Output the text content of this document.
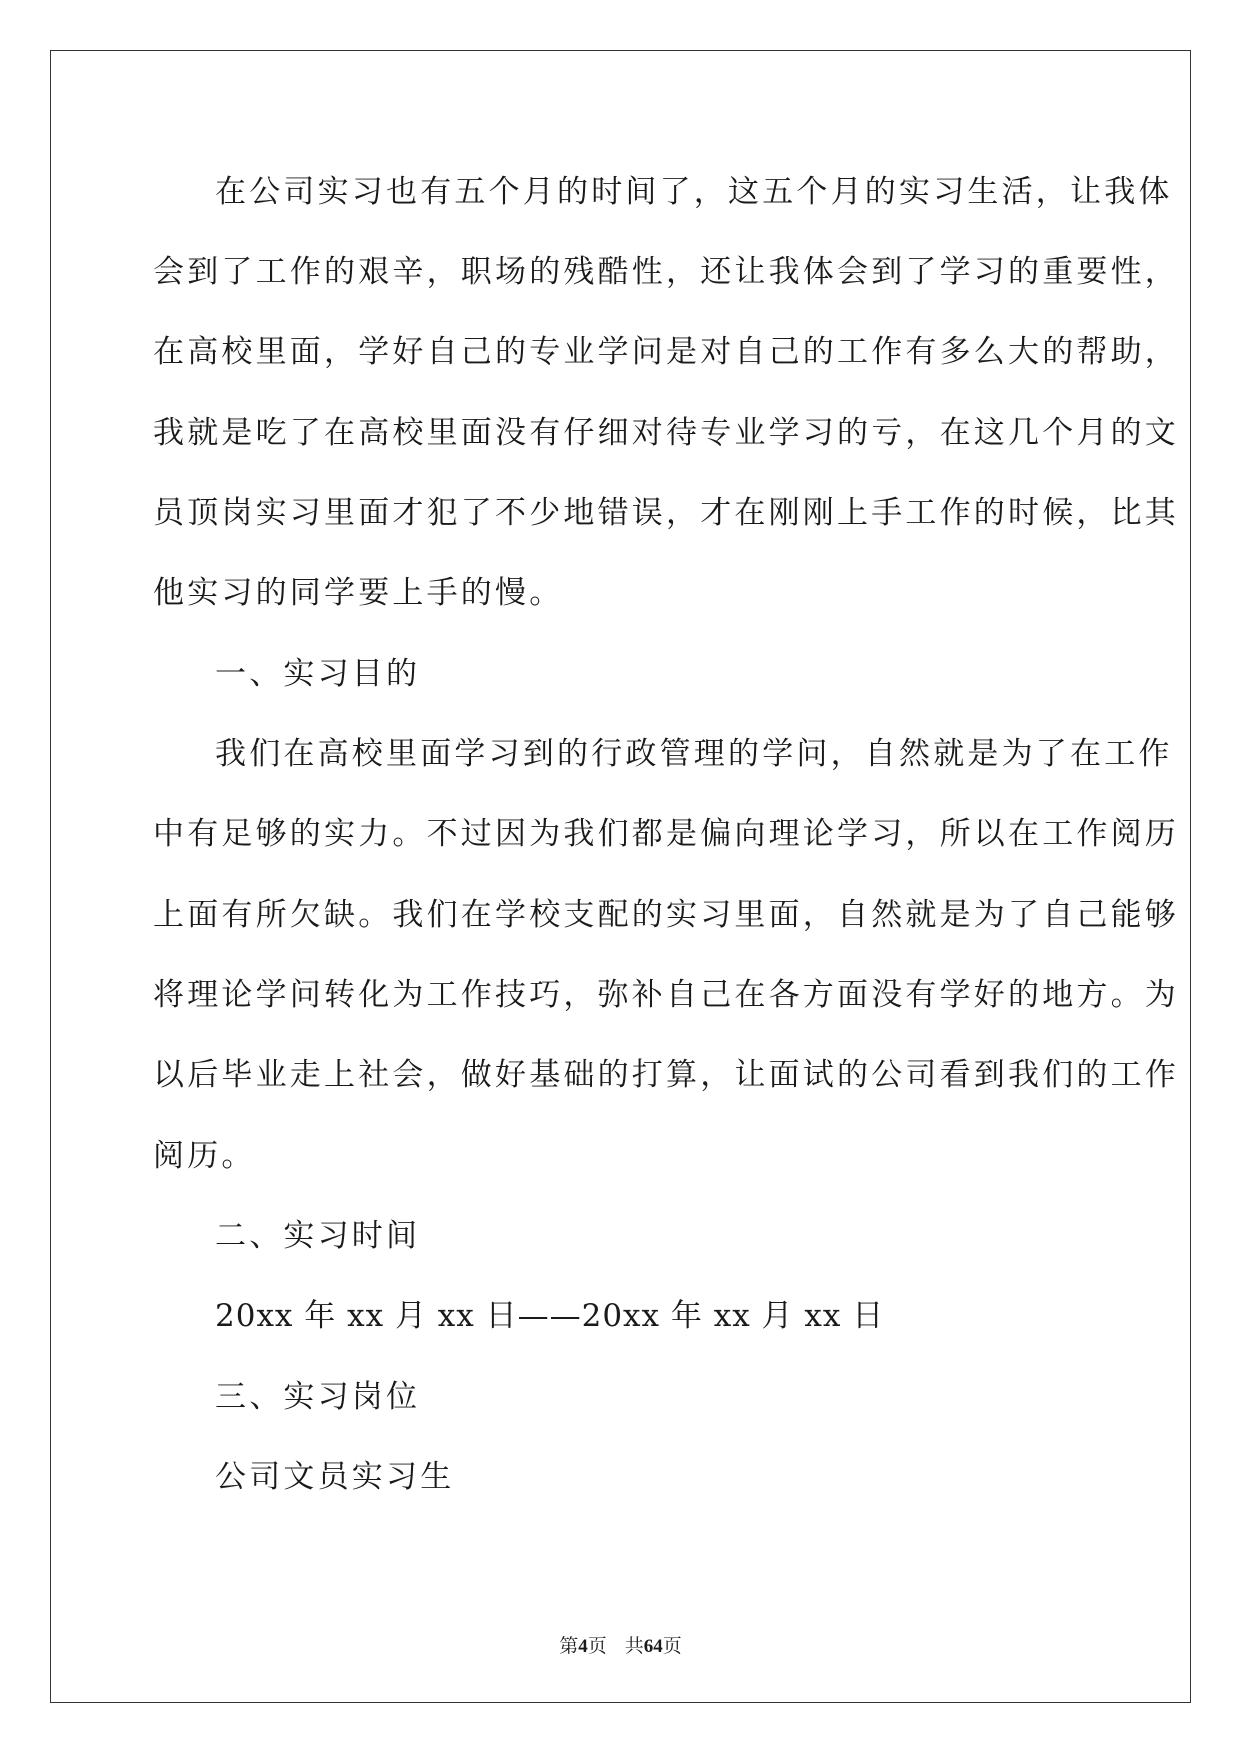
在公司实习也有五个月的时间了，这五个月的实习生活，让我体
会到了工作的艰辛，职场的残酷性，还让我体会到了学习的重要性，
在高校里面，学好自己的专业学问是对自己的工作有多么大的帮助，
我就是吃了在高校里面没有仔细对待专业学习的亏，在这几个月的文
员顶岗实习里面才犯了不少地错误，才在刚刚上手工作的时候，比其
他实习的同学要上手的慢。
一、实习目的
我们在高校里面学习到的行政管理的学问，自然就是为了在工作
中有足够的实力。不过因为我们都是偏向理论学习，所以在工作阅历
上面有所欠缺。我们在学校支配的实习里面，自然就是为了自己能够
将理论学问转化为工作技巧，弥补自己在各方面没有学好的地方。为
以后毕业走上社会，做好基础的打算，让面试的公司看到我们的工作
阅历。
二、实习时间
20xx 年 xx 月 xx 日——20xx 年 xx 月 xx 日
三、实习岗位
公司文员实习生
第4页 共64页
